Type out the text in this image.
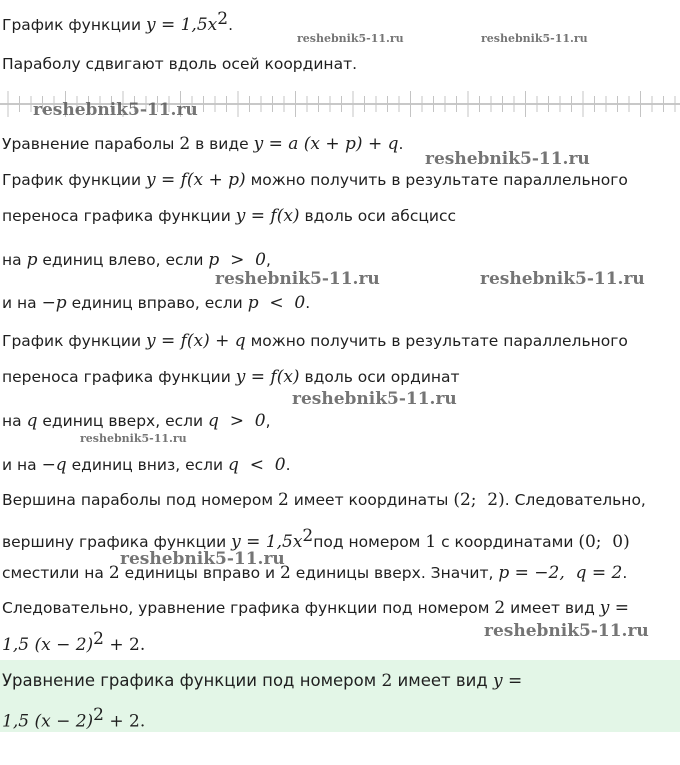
График функции $y = 1,5x^2$.
Параболу сдвигают вдоль осей координат.
Уравнение параболы 2 в виде y = a (x + p) + q.
График функции y = f(x + p) можно получить в результате параллельного
переноса графика функции y = f(x) вдоль оси абсцисс
на p единиц влево, если p  >  0,
и на −p единиц вправо, если p  <  0.
График функции y = f(x) + q можно получить в результате параллельного
переноса графика функции y = f(x) вдоль оси ординат
на q единиц вверх, если q  >  0,
и на −q единиц вниз, если q  <  0.
Вершина параболы под номером 2 имеет координаты (2;  2). Следовательно,
вершину графика функции $y = 1,5x^2под$ номером 1 с координатами (0;  0)
сместили на 2 единицы вправо и 2 единицы вверх. Значит, p = −2,  q = 2.
Следовательно, уравнение графика функции под номером 2 имеет вид y =
1,5 $(x - 2)^2 + 2$.
Уравнение графика функции под номером 2 имеет вид y =
1,5 $(x - 2)^2 + 2$.
reshebnik5-11.ru	reshebnik5-11.ru
reshebnik5-11.ru
reshebnik5-11.ru
reshebnik5-11.ru	reshebnik5-11.ru
reshebnik5-11.ru
reshebnik5-11.ru
reshebnik5-11.ru
reshebnik5-11.ru
